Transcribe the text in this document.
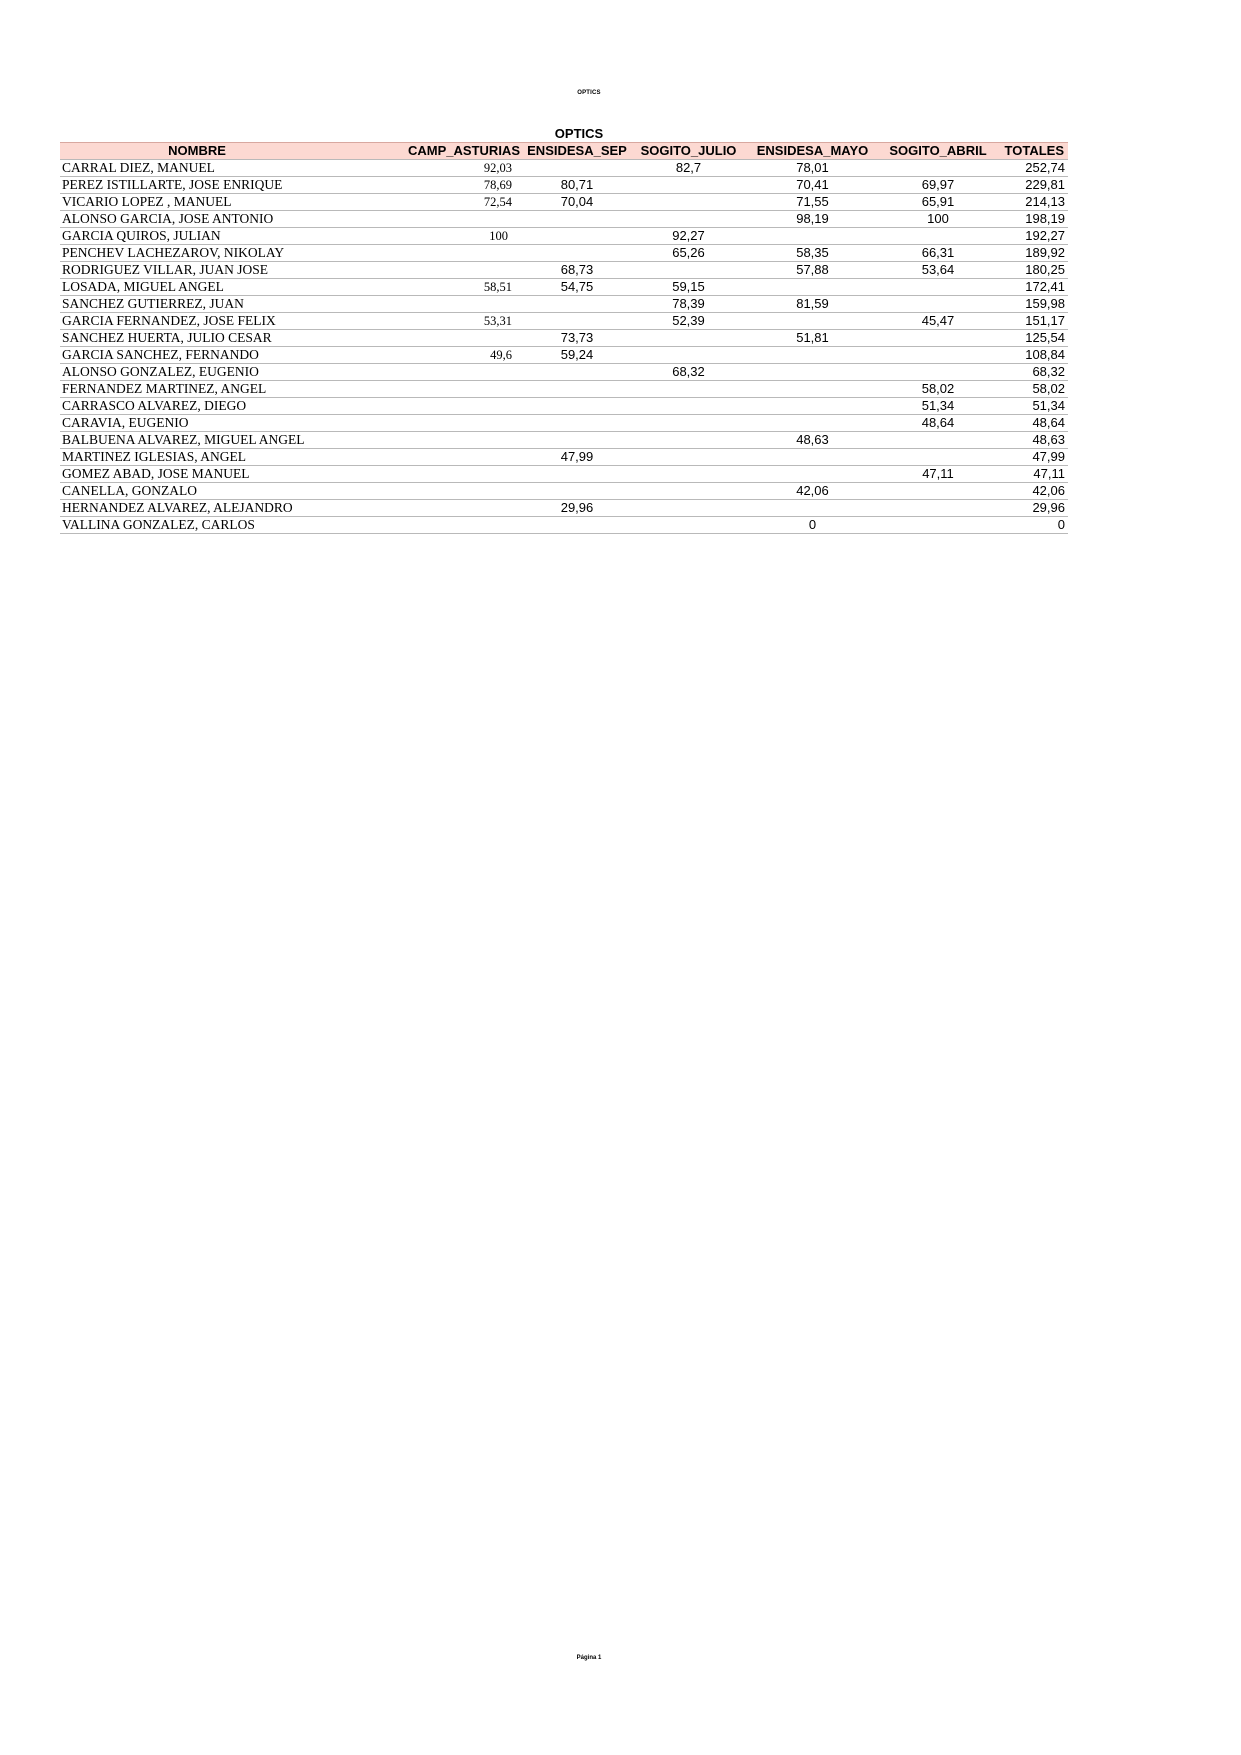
OPTICS
OPTICS
NOMBRE	CAMP_ASTURIAS	ENSIDESA_SEP	SOGITO_JULIO	ENSIDESA_MAYO	SOGITO_ABRIL	TOTALES
CARRAL DIEZ, MANUEL	92,03		82,7	78,01		252,74
PEREZ ISTILLARTE, JOSE ENRIQUE	78,69	80,71		70,41	69,97	229,81
VICARIO LOPEZ , MANUEL	72,54	70,04		71,55	65,91	214,13
ALONSO GARCIA, JOSE ANTONIO				98,19	100	198,19
GARCIA QUIROS, JULIAN	100		92,27			192,27
PENCHEV LACHEZAROV, NIKOLAY			65,26	58,35	66,31	189,92
RODRIGUEZ VILLAR, JUAN JOSE		68,73		57,88	53,64	180,25
LOSADA, MIGUEL ANGEL	58,51	54,75	59,15			172,41
SANCHEZ GUTIERREZ, JUAN			78,39	81,59		159,98
GARCIA FERNANDEZ, JOSE FELIX	53,31		52,39		45,47	151,17
SANCHEZ HUERTA, JULIO CESAR		73,73		51,81		125,54
GARCIA SANCHEZ, FERNANDO	49,6	59,24				108,84
ALONSO GONZALEZ, EUGENIO			68,32			68,32
FERNANDEZ MARTINEZ, ANGEL					58,02	58,02
CARRASCO ALVAREZ, DIEGO					51,34	51,34
CARAVIA, EUGENIO					48,64	48,64
BALBUENA ALVAREZ, MIGUEL ANGEL				48,63		48,63
MARTINEZ IGLESIAS, ANGEL		47,99				47,99
GOMEZ ABAD, JOSE MANUEL					47,11	47,11
CANELLA, GONZALO				42,06		42,06
HERNANDEZ ALVAREZ, ALEJANDRO		29,96				29,96
VALLINA GONZALEZ, CARLOS				0		0
Página 1
